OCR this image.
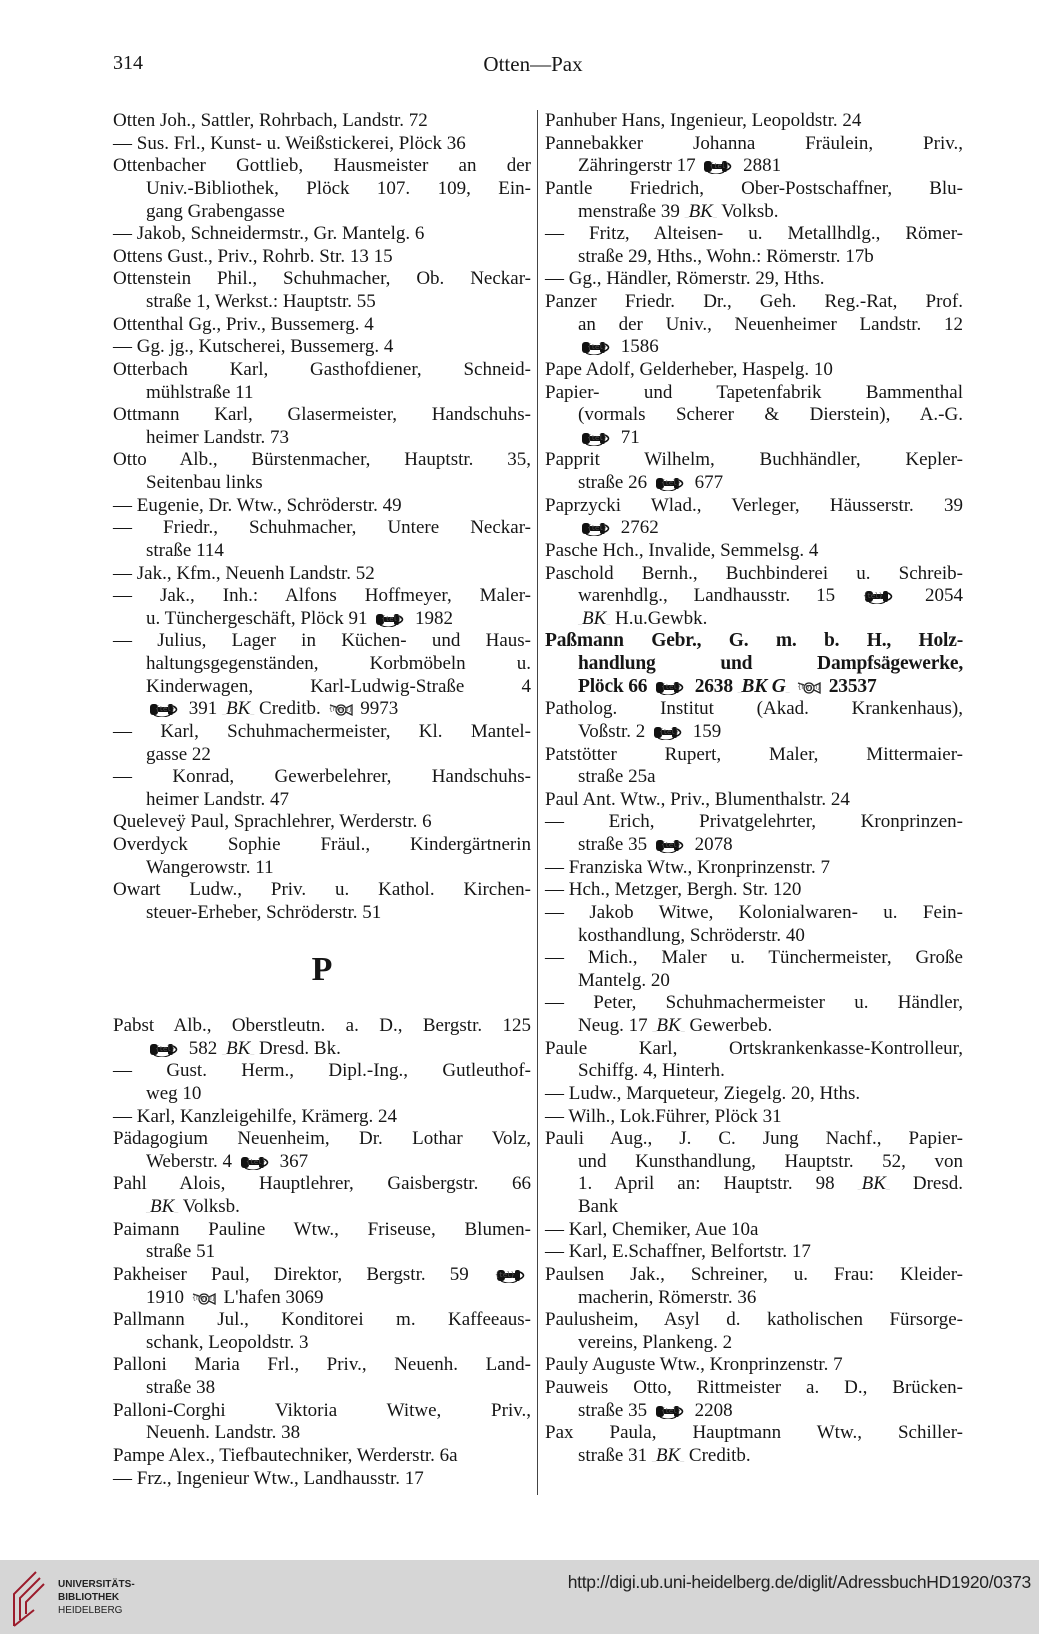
314	Otten—Pax
Otten Joh., Sattler, Rohrbach, Landstr. 72
— Sus. Frl., Kunst- u. Weißstickerei, Plöck 36
Ottenbacher Gottlieb, Hausmeister an der
Univ.-Bibliothek, Plöck 107. 109, Ein-
gang Grabengasse
— Jakob, Schneidermstr., Gr. Mantelg. 6
Ottens Gust., Priv., Rohrb. Str. 13 15
Ottenstein Phil., Schuhmacher, Ob. Neckar-
straße 1, Werkst.: Hauptstr. 55
Ottenthal Gg., Priv., Bussemerg. 4
— Gg. jg., Kutscherei, Bussemerg. 4
Otterbach Karl, Gasthofdiener, Schneid-
mühlstraße 11
Ottmann Karl, Glasermeister, Handschuhs-
heimer Landstr. 73
Otto Alb., Bürstenmacher, Hauptstr. 35,
Seitenbau links
— Eugenie, Dr. Wtw., Schröderstr. 49
— Friedr., Schuhmacher, Untere Neckar-
straße 114
— Jak., Kfm., Neuenh Landstr. 52
— Jak., Inh.: Alfons Hoffmeyer, Maler-
u. Tünchergeschäft, Plöck 91	{tel} 1982
— Julius, Lager in Küchen- und Haus-
haltungsgegenständen, Korbmöbeln u.
Kinderwagen, Karl-Ludwig-Straße 4
{tel} 391 _BK_ Creditb. {horn} 9973
— Karl, Schuhmachermeister, Kl. Mantel-
gasse 22
— Konrad, Gewerbelehrer, Handschuhs-
heimer Landstr. 47
Queleveÿ Paul, Sprachlehrer, Werderstr. 6
Overdyck Sophie Fräul., Kindergärtnerin
Wangerowstr. 11
Owart Ludw., Priv. u. Kathol. Kirchen-
steuer-Erheber, Schröderstr. 51
P
Pabst Alb., Oberstleutn. a. D., Bergstr. 125
{tel} 582 _BK_ Dresd. Bk.
— Gust. Herm., Dipl.-Ing., Gutleuthof-
weg 10
— Karl, Kanzleigehilfe, Krämerg. 24
Pädagogium Neuenheim, Dr. Lothar Volz,
Weberstr. 4	{tel} 367
Pahl Alois, Hauptlehrer, Gaisbergstr. 66
_BK_ Volksb.
Paimann Pauline Wtw., Friseuse, Blumen-
straße 51
Pakheiser Paul, Direktor, Bergstr. 59 {tel}
1910 {horn} L'hafen 3069
Pallmann Jul., Konditorei m. Kaffeeaus-
schank, Leopoldstr. 3
Palloni Maria Frl., Priv., Neuenh. Land-
straße 38
Palloni-Corghi Viktoria Witwe, Priv.,
Neuenh. Landstr. 38
Pampe Alex., Tiefbautechniker, Werderstr. 6a
— Frz., Ingenieur Wtw., Landhausstr. 17
Panhuber Hans, Ingenieur, Leopoldstr. 24
Pannebakker Johanna Fräulein, Priv.,
Zähringerstr 17	{tel} 2881
Pantle Friedrich, Ober-Postschaffner, Blu-
menstraße 39 _BK_ Volksb.
— Fritz, Alteisen- u. Metallhdlg., Römer-
straße 29, Hths., Wohn.: Römerstr. 17b
— Gg., Händler, Römerstr. 29, Hths.
Panzer Friedr. Dr., Geh. Reg.-Rat, Prof.
an der Univ., Neuenheimer Landstr. 12
{tel} 1586
Pape Adolf, Gelderheber, Haspelg. 10
Papier- und Tapetenfabrik Bammenthal
(vormals Scherer & Dierstein), A.-G.
{tel} 71
Papprit Wilhelm, Buchhändler, Kepler-
straße 26	{tel} 677
Paprzycki Wlad., Verleger, Häusserstr. 39
{tel} 2762
Pasche Hch., Invalide, Semmelsg. 4
Paschold Bernh., Buchbinderei u. Schreib-
warenhdlg., Landhausstr. 15 {tel} 2054
_BK_ H.u.Gewbk.
Paßmann Gebr., G. m. b. H., Holz-
handlung und Dampfsägewerke,
Plöck 66	{tel} 2638 _BK G_ {horn} 23537
Patholog. Institut (Akad. Krankenhaus),
Voßstr. 2	{tel} 159
Patstötter Rupert, Maler, Mittermaier-
straße 25a
Paul Ant. Wtw., Priv., Blumenthalstr. 24
— Erich, Privatgelehrter, Kronprinzen-
straße 35	{tel} 2078
— Franziska Wtw., Kronprinzenstr. 7
— Hch., Metzger, Bergh. Str. 120
— Jakob Witwe, Kolonialwaren- u. Fein-
kosthandlung, Schröderstr. 40
— Mich., Maler u. Tünchermeister, Große
Mantelg. 20
— Peter, Schuhmachermeister u. Händler,
Neug. 17 _BK_ Gewerbeb.
Paule Karl, Ortskrankenkasse-Kontrolleur,
Schiffg. 4, Hinterh.
— Ludw., Marqueteur, Ziegelg. 20, Hths.
— Wilh., Lok.Führer, Plöck 31
Pauli Aug., J. C. Jung Nachf., Papier-
und Kunsthandlung, Hauptstr. 52, von
1. April an: Hauptstr. 98 _BK_ Dresd.
Bank
— Karl, Chemiker, Aue 10a
— Karl, E.Schaffner, Belfortstr. 17
Paulsen Jak., Schreiner, u. Frau: Kleider-
macherin, Römerstr. 36
Paulusheim, Asyl d. katholischen Fürsorge-
vereins, Plankeng. 2
Pauly Auguste Wtw., Kronprinzenstr. 7
Pauweis Otto, Rittmeister a. D., Brücken-
straße 35	{tel} 2208
Pax Paula, Hauptmann Wtw., Schiller-
straße 31 _BK_ Creditb.
UNIVERSITÄTS-
BIBLIOTHEK
HEIDELBERG
http://digi.ub.uni-heidelberg.de/diglit/AdressbuchHD1920/0373
